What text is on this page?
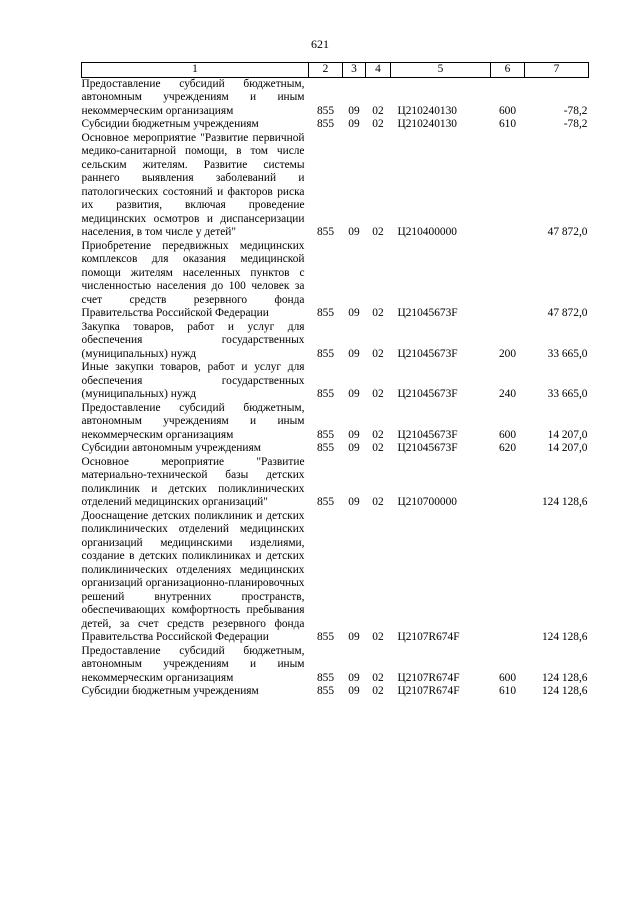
621
1	2	3	4	5	6	7
Предоставление субсидий бюджетным, автономным учреждениям и иным некоммерческим организациям	855	09	02	Ц210240130	600	-78,2
Субсидии бюджетным учреждениям	855	09	02	Ц210240130	610	-78,2
Основное мероприятие "Развитие первичной медико-санитарной помощи, в том числе сельским жителям. Развитие системы раннего выявления заболеваний и патологических состояний и факторов риска их развития, включая проведение медицинских осмотров и диспансеризации населения, в том числе у детей"	855	09	02	Ц210400000		47 872,0
Приобретение передвижных медицинских комплексов для оказания медицинской помощи жителям населенных пунктов с численностью населения до 100 человек за счет средств резервного фонда Правительства Российской Федерации	855	09	02	Ц21045673F		47 872,0
Закупка товаров, работ и услуг для обеспечения государственных (муниципальных) нужд	855	09	02	Ц21045673F	200	33 665,0
Иные закупки товаров, работ и услуг для обеспечения государственных (муниципальных) нужд	855	09	02	Ц21045673F	240	33 665,0
Предоставление субсидий бюджетным, автономным учреждениям и иным некоммерческим организациям	855	09	02	Ц21045673F	600	14 207,0
Субсидии автономным учреждениям	855	09	02	Ц21045673F	620	14 207,0
Основное мероприятие "Развитие материально-технической базы детских поликлиник и детских поликлинических отделений медицинских организаций"	855	09	02	Ц210700000		124 128,6
Дооснащение детских поликлиник и детских поликлинических отделений медицинских организаций медицинскими изделиями, создание в детских поликлиниках и детских поликлинических отделениях медицинских организаций организационно-планировочных решений внутренних пространств, обеспечивающих комфортность пребывания детей, за счет средств резервного фонда Правительства Российской Федерации	855	09	02	Ц2107R674F		124 128,6
Предоставление субсидий бюджетным, автономным учреждениям и иным некоммерческим организациям	855	09	02	Ц2107R674F	600	124 128,6
Субсидии бюджетным учреждениям	855	09	02	Ц2107R674F	610	124 128,6
